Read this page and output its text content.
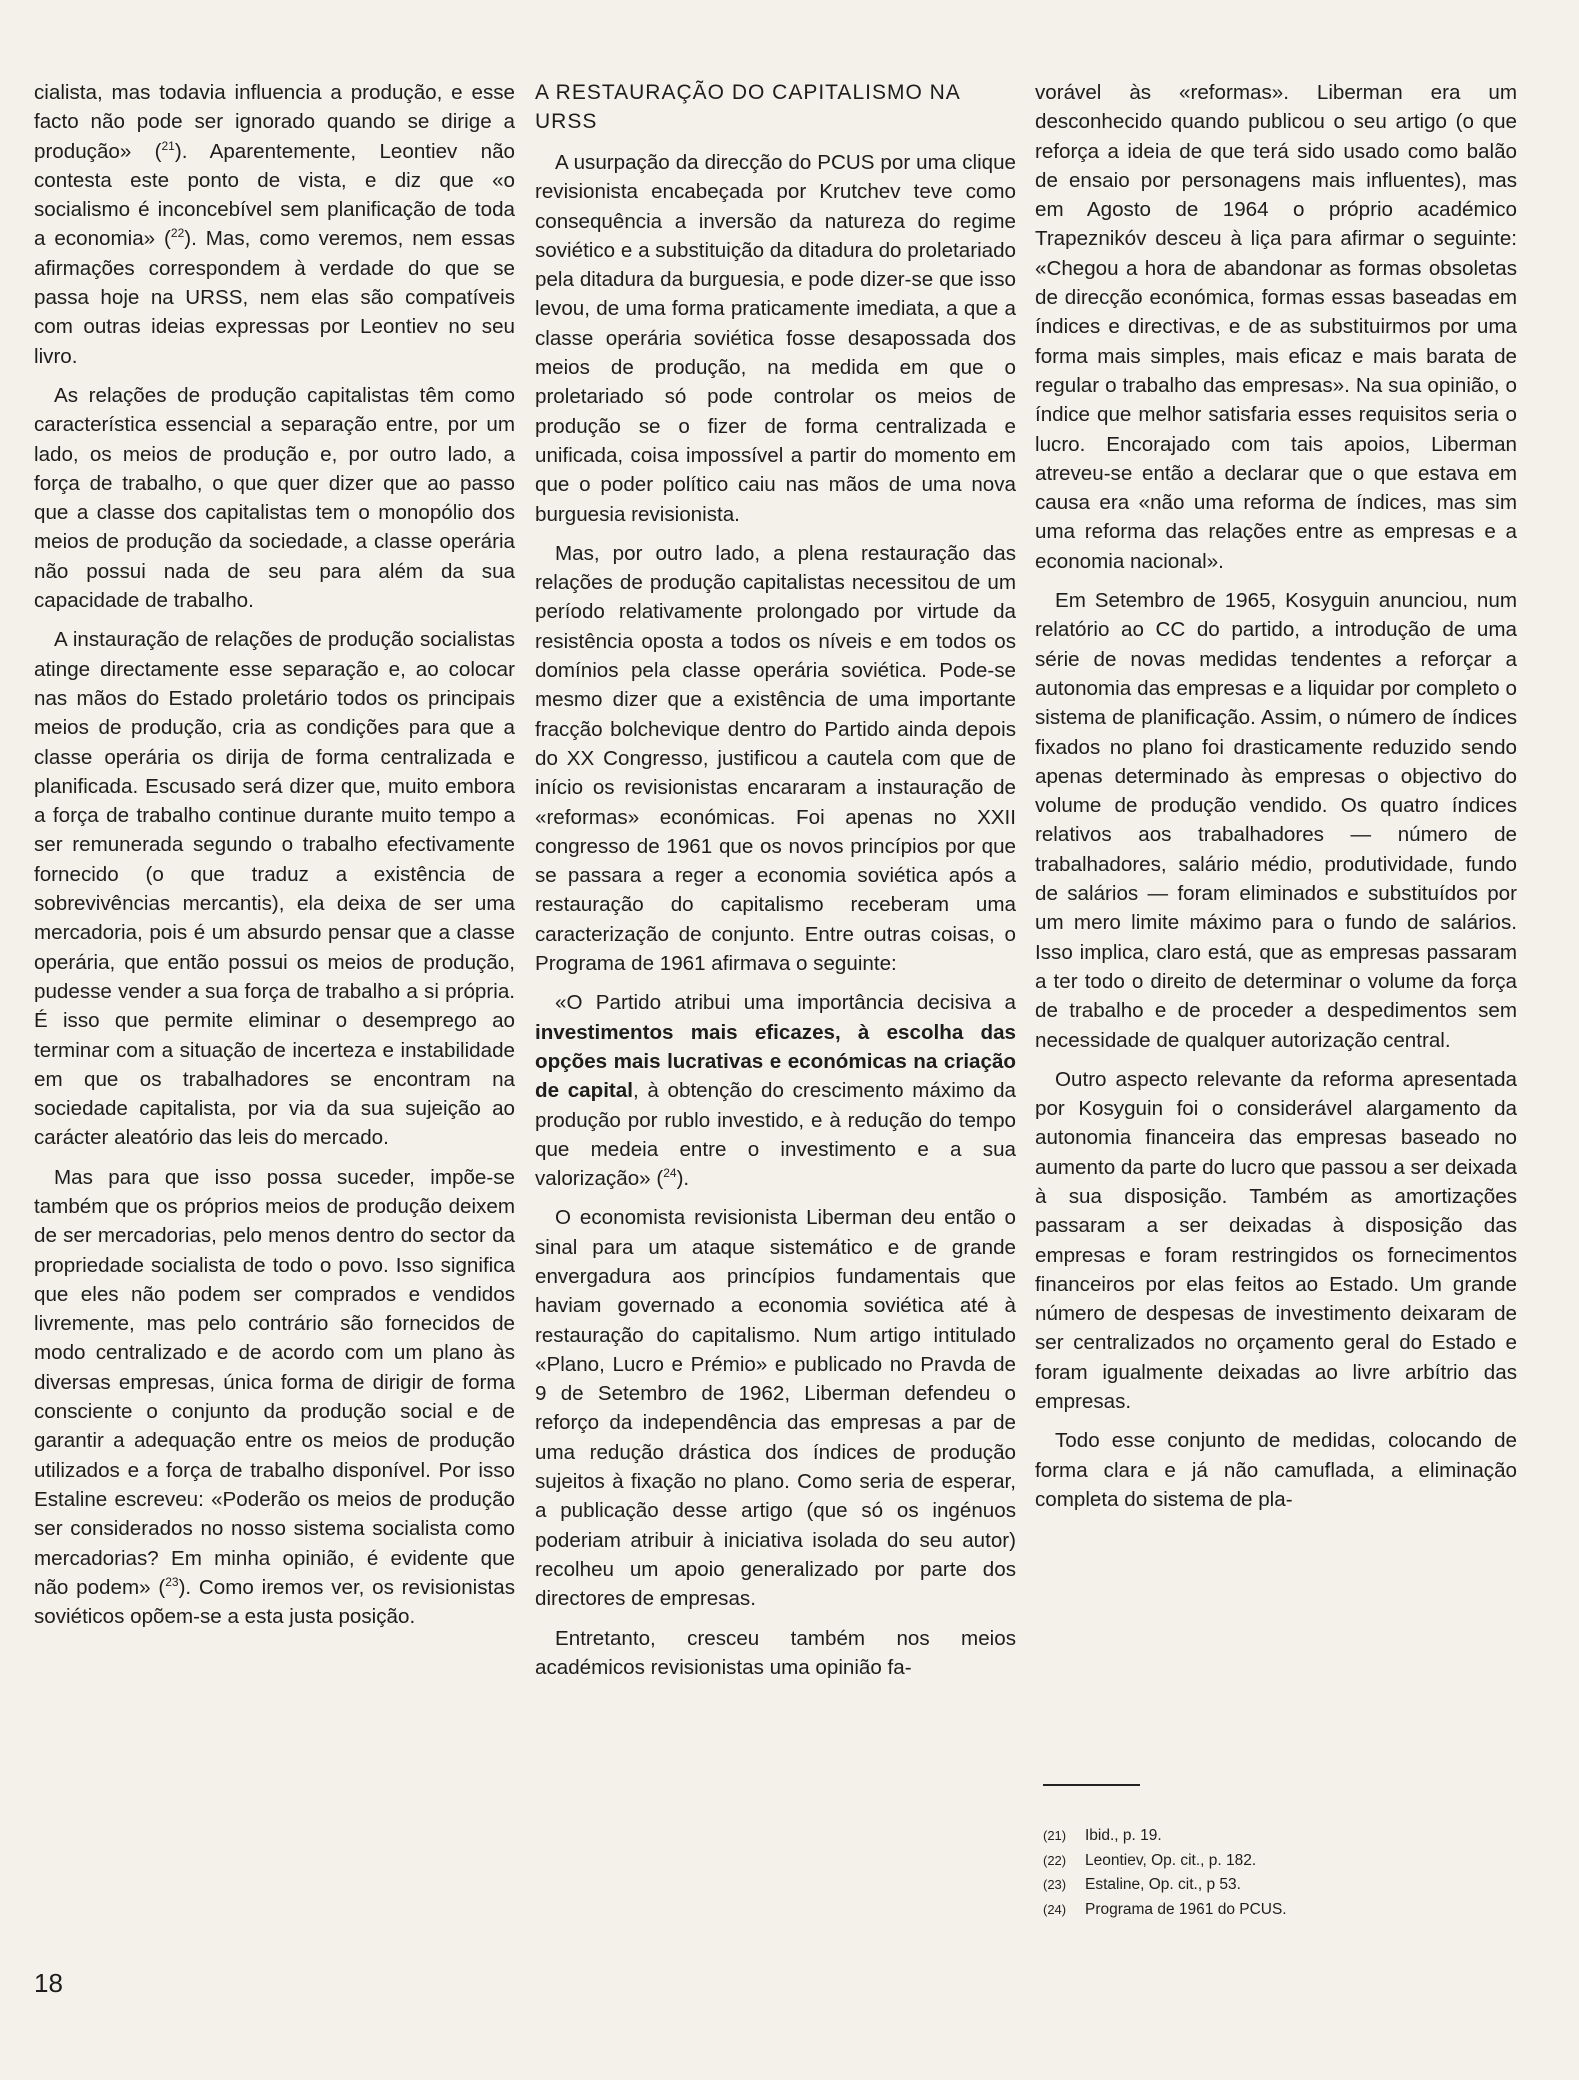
cialista, mas todavia influencia a produção, e esse facto não pode ser ignorado quando se dirige a produção» ($^{21}$). Aparentemente, Leontiev não contesta este ponto de vista, e diz que «o socialismo é inconcebível sem planificação de toda a economia» ($^{22}$). Mas, como veremos, nem essas afirmações correspondem à verdade do que se passa hoje na URSS, nem elas são compatíveis com outras ideias expressas por Leontiev no seu livro.

As relações de produção capitalistas têm como característica essencial a separação entre, por um lado, os meios de produção e, por outro lado, a força de trabalho, o que quer dizer que ao passo que a classe dos capitalistas tem o monopólio dos meios de produção da sociedade, a classe operária não possui nada de seu para além da sua capacidade de trabalho.

A instauração de relações de produção socialistas atinge directamente esse separação e, ao colocar nas mãos do Estado proletário todos os principais meios de produção, cria as condições para que a classe operária os dirija de forma centralizada e planificada. Escusado será dizer que, muito embora a força de trabalho continue durante muito tempo a ser remunerada segundo o trabalho efectivamente fornecido (o que traduz a existência de sobrevivências mercantis), ela deixa de ser uma mercadoria, pois é um absurdo pensar que a classe operária, que então possui os meios de produção, pudesse vender a sua força de trabalho a si própria. É isso que permite eliminar o desemprego ao terminar com a situação de incerteza e instabilidade em que os trabalhadores se encontram na sociedade capitalista, por via da sua sujeição ao carácter aleatório das leis do mercado.

Mas para que isso possa suceder, impõe-se também que os próprios meios de produção deixem de ser mercadorias, pelo menos dentro do sector da propriedade socialista de todo o povo. Isso significa que eles não podem ser comprados e vendidos livremente, mas pelo contrário são fornecidos de modo centralizado e de acordo com um plano às diversas empresas, única forma de dirigir de forma consciente o conjunto da produção social e de garantir a adequação entre os meios de produção utilizados e a força de trabalho disponível. Por isso Estaline escreveu: «Poderão os meios de produção ser considerados no nosso sistema socialista como mercadorias? Em minha opinião, é evidente que não podem» ($^{23}$). Como iremos ver, os revisionistas soviéticos opõem-se a esta justa posição.

A RESTAURAÇÃO DO CAPITALISMO NA URSS

A usurpação da direcção do PCUS por uma clique revisionista encabeçada por Krutchev teve como consequência a inversão da natureza do regime soviético e a substituição da ditadura do proletariado pela ditadura da burguesia, e pode dizer-se que isso levou, de uma forma praticamente imediata, a que a classe operária soviética fosse desapossada dos meios de produção, na medida em que o proletariado só pode controlar os meios de produção se o fizer de forma centralizada e unificada, coisa impossível a partir do momento em que o poder político caiu nas mãos de uma nova burguesia revisionista.

Mas, por outro lado, a plena restauração das relações de produção capitalistas necessitou de um período relativamente prolongado por virtude da resistência oposta a todos os níveis e em todos os domínios pela classe operária soviética. Pode-se mesmo dizer que a existência de uma importante fracção bolchevique dentro do Partido ainda depois do XX Congresso, justificou a cautela com que de início os revisionistas encararam a instauração de «reformas» económicas. Foi apenas no XXII congresso de 1961 que os novos princípios por que se passara a reger a economia soviética após a restauração do capitalismo receberam uma caracterização de conjunto. Entre outras coisas, o Programa de 1961 afirmava o seguinte:

«O Partido atribui uma importância decisiva a investimentos mais eficazes, à escolha das opções mais lucrativas e económicas na criação de capital, à obtenção do crescimento máximo da produção por rublo investido, e à redução do tempo que medeia entre o investimento e a sua valorização» ($^{24}$).

O economista revisionista Liberman deu então o sinal para um ataque sistemático e de grande envergadura aos princípios fundamentais que haviam governado a economia soviética até à restauração do capitalismo. Num artigo intitulado «Plano, Lucro e Prémio» e publicado no Pravda de 9 de Setembro de 1962, Liberman defendeu o reforço da independência das empresas a par de uma redução drástica dos índices de produção sujeitos à fixação no plano. Como seria de esperar, a publicação desse artigo (que só os ingénuos poderiam atribuir à iniciativa isolada do seu autor) recolheu um apoio generalizado por parte dos directores de empresas.

Entretanto, cresceu também nos meios académicos revisionistas uma opinião fa-

vorável às «reformas». Liberman era um desconhecido quando publicou o seu artigo (o que reforça a ideia de que terá sido usado como balão de ensaio por personagens mais influentes), mas em Agosto de 1964 o próprio académico Trapeznikóv desceu à liça para afirmar o seguinte: «Chegou a hora de abandonar as formas obsoletas de direcção económica, formas essas baseadas em índices e directivas, e de as substituirmos por uma forma mais simples, mais eficaz e mais barata de regular o trabalho das empresas». Na sua opinião, o índice que melhor satisfaria esses requisitos seria o lucro. Encorajado com tais apoios, Liberman atreveu-se então a declarar que o que estava em causa era «não uma reforma de índices, mas sim uma reforma das relações entre as empresas e a economia nacional».

Em Setembro de 1965, Kosyguin anunciou, num relatório ao CC do partido, a introdução de uma série de novas medidas tendentes a reforçar a autonomia das empresas e a liquidar por completo o sistema de planificação. Assim, o número de índices fixados no plano foi drasticamente reduzido sendo apenas determinado às empresas o objectivo do volume de produção vendido. Os quatro índices relativos aos trabalhadores — número de trabalhadores, salário médio, produtividade, fundo de salários — foram eliminados e substituídos por um mero limite máximo para o fundo de salários. Isso implica, claro está, que as empresas passaram a ter todo o direito de determinar o volume da força de trabalho e de proceder a despedimentos sem necessidade de qualquer autorização central.

Outro aspecto relevante da reforma apresentada por Kosyguin foi o considerável alargamento da autonomia financeira das empresas baseado no aumento da parte do lucro que passou a ser deixada à sua disposição. Também as amortizações passaram a ser deixadas à disposição das empresas e foram restringidos os fornecimentos financeiros por elas feitos ao Estado. Um grande número de despesas de investimento deixaram de ser centralizados no orçamento geral do Estado e foram igualmente deixadas ao livre arbítrio das empresas.

Todo esse conjunto de medidas, colocando de forma clara e já não camuflada, a eliminação completa do sistema de pla-

(21) Ibid., p. 19.
(22) Leontiev, Op. cit., p. 182.
(23) Estaline, Op. cit., p 53.
(24) Programa de 1961 do PCUS.
18
